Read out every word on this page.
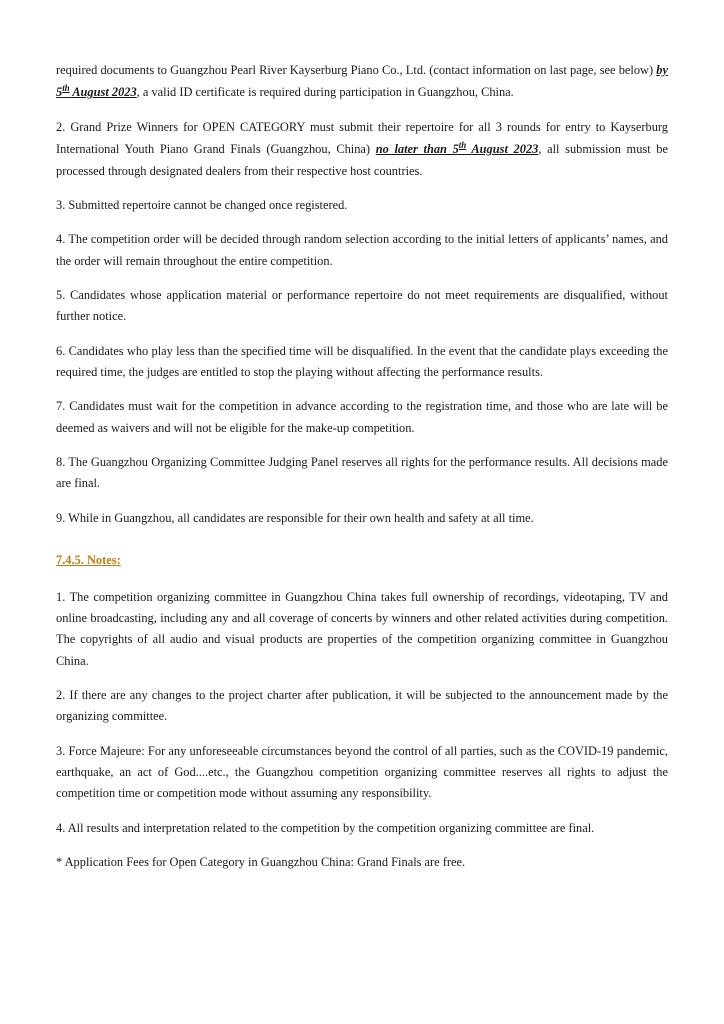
required documents to Guangzhou Pearl River Kayserburg Piano Co., Ltd. (contact information on last page, see below) by 5th August 2023, a valid ID certificate is required during participation in Guangzhou, China.

2. Grand Prize Winners for OPEN CATEGORY must submit their repertoire for all 3 rounds for entry to Kayserburg International Youth Piano Grand Finals (Guangzhou, China) no later than 5th August 2023, all submission must be processed through designated dealers from their respective host countries.

3. Submitted repertoire cannot be changed once registered.

4. The competition order will be decided through random selection according to the initial letters of applicants’ names, and the order will remain throughout the entire competition.

5. Candidates whose application material or performance repertoire do not meet requirements are disqualified, without further notice.

6. Candidates who play less than the specified time will be disqualified. In the event that the candidate plays exceeding the required time, the judges are entitled to stop the playing without affecting the performance results.

7. Candidates must wait for the competition in advance according to the registration time, and those who are late will be deemed as waivers and will not be eligible for the make-up competition.

8. The Guangzhou Organizing Committee Judging Panel reserves all rights for the performance results. All decisions made are final.

9. While in Guangzhou, all candidates are responsible for their own health and safety at all time.

7.4.5. Notes:

1. The competition organizing committee in Guangzhou China takes full ownership of recordings, videotaping, TV and online broadcasting, including any and all coverage of concerts by winners and other related activities during competition. The copyrights of all audio and visual products are properties of the competition organizing committee in Guangzhou China.

2. If there are any changes to the project charter after publication, it will be subjected to the announcement made by the organizing committee.

3. Force Majeure: For any unforeseeable circumstances beyond the control of all parties, such as the COVID-19 pandemic, earthquake, an act of God....etc., the Guangzhou competition organizing committee reserves all rights to adjust the competition time or competition mode without assuming any responsibility.

4. All results and interpretation related to the competition by the competition organizing committee are final.

* Application Fees for Open Category in Guangzhou China: Grand Finals are free.
